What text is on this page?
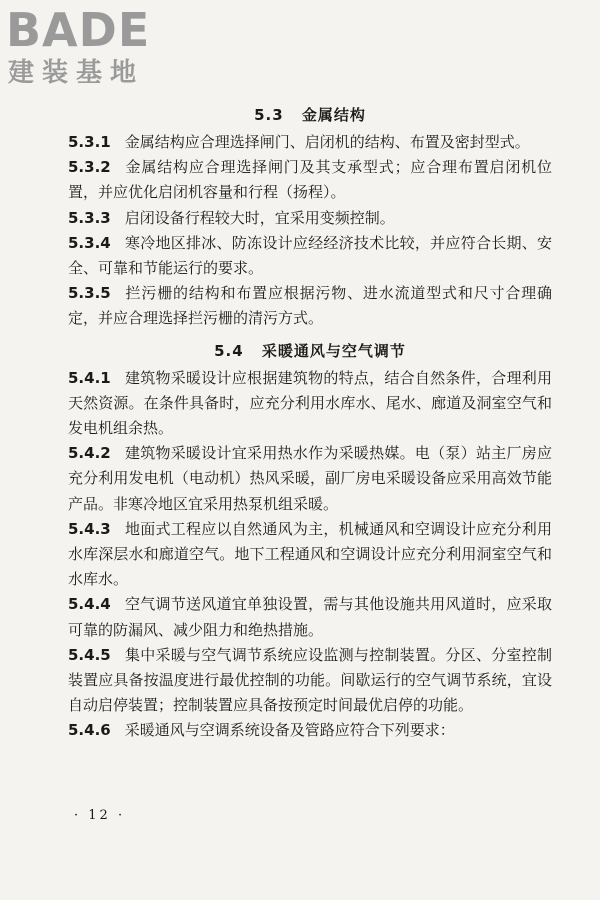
BADE
建装基地
5.3 金属结构
5.3.1 金属结构应合理选择闸门、启闭机的结构、布置及密封型式。
5.3.2 金属结构应合理选择闸门及其支承型式；应合理布置启闭机位置，并应优化启闭机容量和行程（扬程）。
5.3.3 启闭设备行程较大时，宜采用变频控制。
5.3.4 寒冷地区排冰、防冻设计应经经济技术比较，并应符合长期、安全、可靠和节能运行的要求。
5.3.5 拦污栅的结构和布置应根据污物、进水流道型式和尺寸合理确定，并应合理选择拦污栅的清污方式。
5.4 采暖通风与空气调节
5.4.1 建筑物采暖设计应根据建筑物的特点，结合自然条件，合理利用天然资源。在条件具备时，应充分利用水库水、尾水、廊道及洞室空气和发电机组余热。
5.4.2 建筑物采暖设计宜采用热水作为采暖热媒。电（泵）站主厂房应充分利用发电机（电动机）热风采暖，副厂房电采暖设备应采用高效节能产品。非寒冷地区宜采用热泵机组采暖。
5.4.3 地面式工程应以自然通风为主，机械通风和空调设计应充分利用水库深层水和廊道空气。地下工程通风和空调设计应充分利用洞室空气和水库水。
5.4.4 空气调节送风道宜单独设置，需与其他设施共用风道时，应采取可靠的防漏风、减少阻力和绝热措施。
5.4.5 集中采暖与空气调节系统应设监测与控制装置。分区、分室控制装置应具备按温度进行最优控制的功能。间歇运行的空气调节系统，宜设自动启停装置；控制装置应具备按预定时间最优启停的功能。
5.4.6 采暖通风与空调系统设备及管路应符合下列要求：
· 12 ·
